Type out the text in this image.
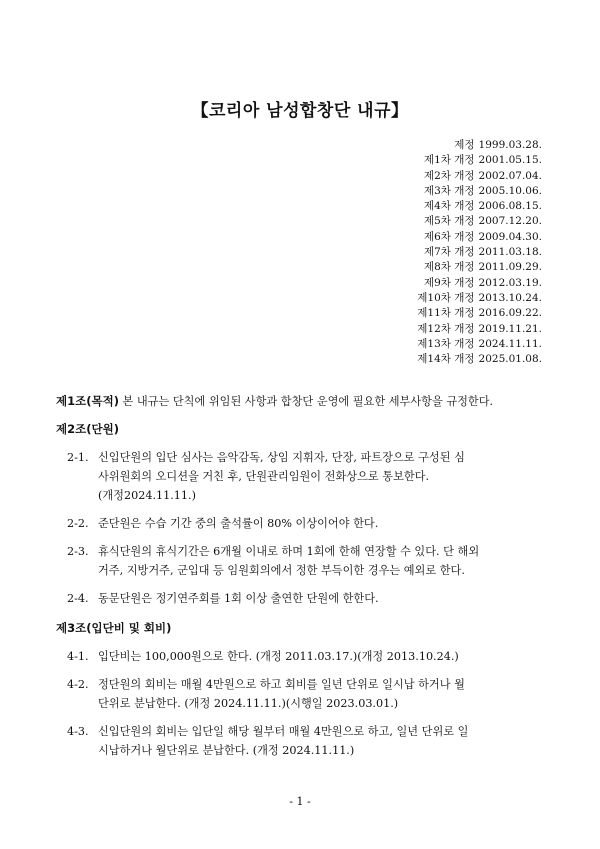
【코리아 남성합창단 내규】
제정 1999.03.28.
제1차 개정 2001.05.15.
제2차 개정 2002.07.04.
제3차 개정 2005.10.06.
제4차 개정 2006.08.15.
제5차 개정 2007.12.20.
제6차 개정 2009.04.30.
제7차 개정 2011.03.18.
제8차 개정 2011.09.29.
제9차 개정 2012.03.19.
제10차 개정 2013.10.24.
제11차 개정 2016.09.22.
제12차 개정 2019.11.21.
제13차 개정 2024.11.11.
제14차 개정 2025.01.08.
제1조(목적) 본 내규는 단칙에 위임된 사항과 합창단 운영에 필요한 세부사항을 규정한다.
제2조(단원)
2-1. 신입단원의 입단 심사는 음악감독, 상임 지휘자, 단장, 파트장으로 구성된 심
사위원회의 오디션을 거친 후, 단원관리임원이 전화상으로 통보한다.
(개정2024.11.11.)
2-2. 준단원은 수습 기간 중의 출석률이 80% 이상이어야 한다.
2-3. 휴식단원의 휴식기간은 6개월 이내로 하며 1회에 한해 연장할 수 있다. 단 해외
거주, 지방거주, 군입대 등 임원회의에서 정한 부득이한 경우는 예외로 한다.
2-4. 동문단원은 정기연주회를 1회 이상 출연한 단원에 한한다.
제3조(입단비 및 회비)
4-1. 입단비는 100,000원으로 한다. (개정 2011.03.17.)(개정 2013.10.24.)
4-2. 정단원의 회비는 매월 4만원으로 하고 회비를 일년 단위로 일시납 하거나 월
단위로 분납한다. (개정 2024.11.11.)(시행일 2023.03.01.)
4-3. 신입단원의 회비는 입단일 해당 월부터 매월 4만원으로 하고, 일년 단위로 일
시납하거나 월단위로 분납한다. (개정 2024.11.11.)
- 1 -
